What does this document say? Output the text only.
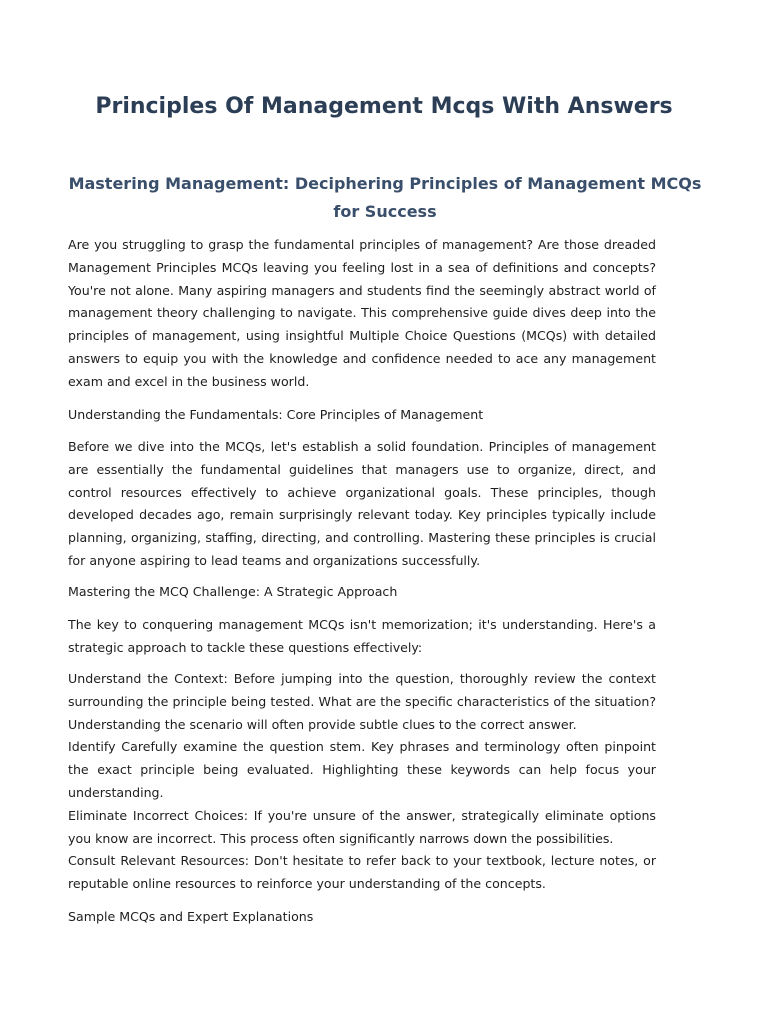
Principles Of Management Mcqs With Answers
Mastering Management: Deciphering Principles of Management MCQs for Success

Are you struggling to grasp the fundamental principles of management? Are those dreaded Management Principles MCQs leaving you feeling lost in a sea of definitions and concepts? You're not alone. Many aspiring managers and students find the seemingly abstract world of management theory challenging to navigate. This comprehensive guide dives deep into the principles of management, using insightful Multiple Choice Questions (MCQs) with detailed answers to equip you with the knowledge and confidence needed to ace any management exam and excel in the business world.

Understanding the Fundamentals: Core Principles of Management

Before we dive into the MCQs, let's establish a solid foundation. Principles of management are essentially the fundamental guidelines that managers use to organize, direct, and control resources effectively to achieve organizational goals. These principles, though developed decades ago, remain surprisingly relevant today. Key principles typically include planning, organizing, staffing, directing, and controlling. Mastering these principles is crucial for anyone aspiring to lead teams and organizations successfully.

Mastering the MCQ Challenge: A Strategic Approach

The key to conquering management MCQs isn't memorization; it's understanding. Here's a strategic approach to tackle these questions effectively:

Understand the Context: Before jumping into the question, thoroughly review the context surrounding the principle being tested. What are the specific characteristics of the situation? Understanding the scenario will often provide subtle clues to the correct answer.
Identify Carefully examine the question stem. Key phrases and terminology often pinpoint the exact principle being evaluated. Highlighting these keywords can help focus your understanding.
Eliminate Incorrect Choices: If you're unsure of the answer, strategically eliminate options you know are incorrect. This process often significantly narrows down the possibilities.
Consult Relevant Resources: Don't hesitate to refer back to your textbook, lecture notes, or reputable online resources to reinforce your understanding of the concepts.

Sample MCQs and Expert Explanations
